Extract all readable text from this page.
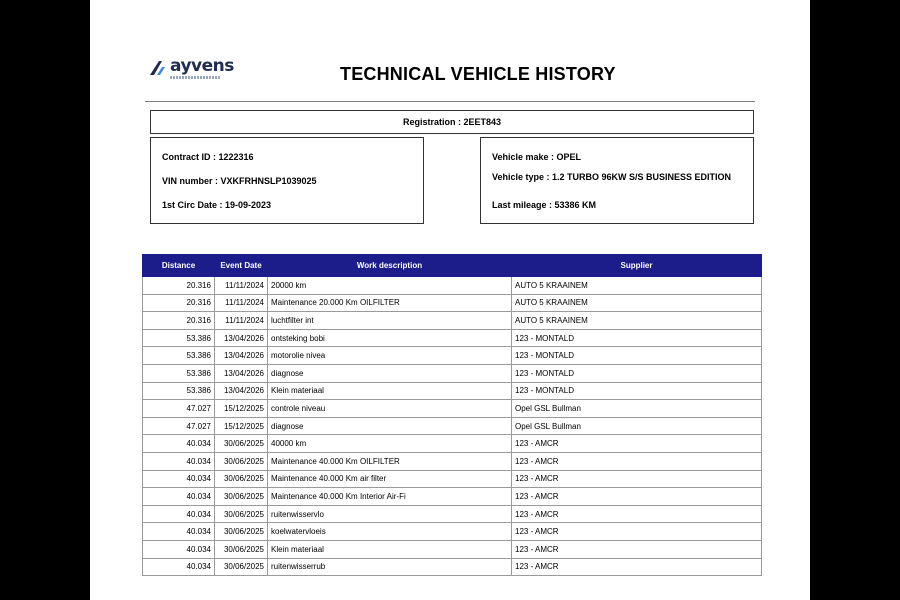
ayvens	TECHNICAL VEHICLE HISTORY
Registration : 2EET843
Contract ID : 1222316
VIN number : VXKFRHNSLP1039025
1st Circ Date : 19-09-2023
Vehicle make : OPEL
Vehicle type : 1.2 TURBO 96KW S/S BUSINESS EDITION
Last mileage : 53386 KM
Distance	Event Date	Work description	Supplier
20.316	11/11/2024	20000 km	AUTO 5 KRAAINEM
20.316	11/11/2024	Maintenance 20.000 Km OILFILTER	AUTO 5 KRAAINEM
20.316	11/11/2024	luchtfilter int	AUTO 5 KRAAINEM
53.386	13/04/2026	ontsteking bobi	123 - MONTALD
53.386	13/04/2026	motorolie nivea	123 - MONTALD
53.386	13/04/2026	diagnose	123 - MONTALD
53.386	13/04/2026	Klein materiaal	123 - MONTALD
47.027	15/12/2025	controle niveau	Opel GSL Bullman
47.027	15/12/2025	diagnose	Opel GSL Bullman
40.034	30/06/2025	40000 km	123 - AMCR
40.034	30/06/2025	Maintenance 40.000 Km OILFILTER	123 - AMCR
40.034	30/06/2025	Maintenance 40.000 Km air filter	123 - AMCR
40.034	30/06/2025	Maintenance 40.000 Km Interior Air-Fi	123 - AMCR
40.034	30/06/2025	ruitenwisservlo	123 - AMCR
40.034	30/06/2025	koelwatervloeis	123 - AMCR
40.034	30/06/2025	Klein materiaal	123 - AMCR
40.034	30/06/2025	ruitenwisserrub	123 - AMCR
